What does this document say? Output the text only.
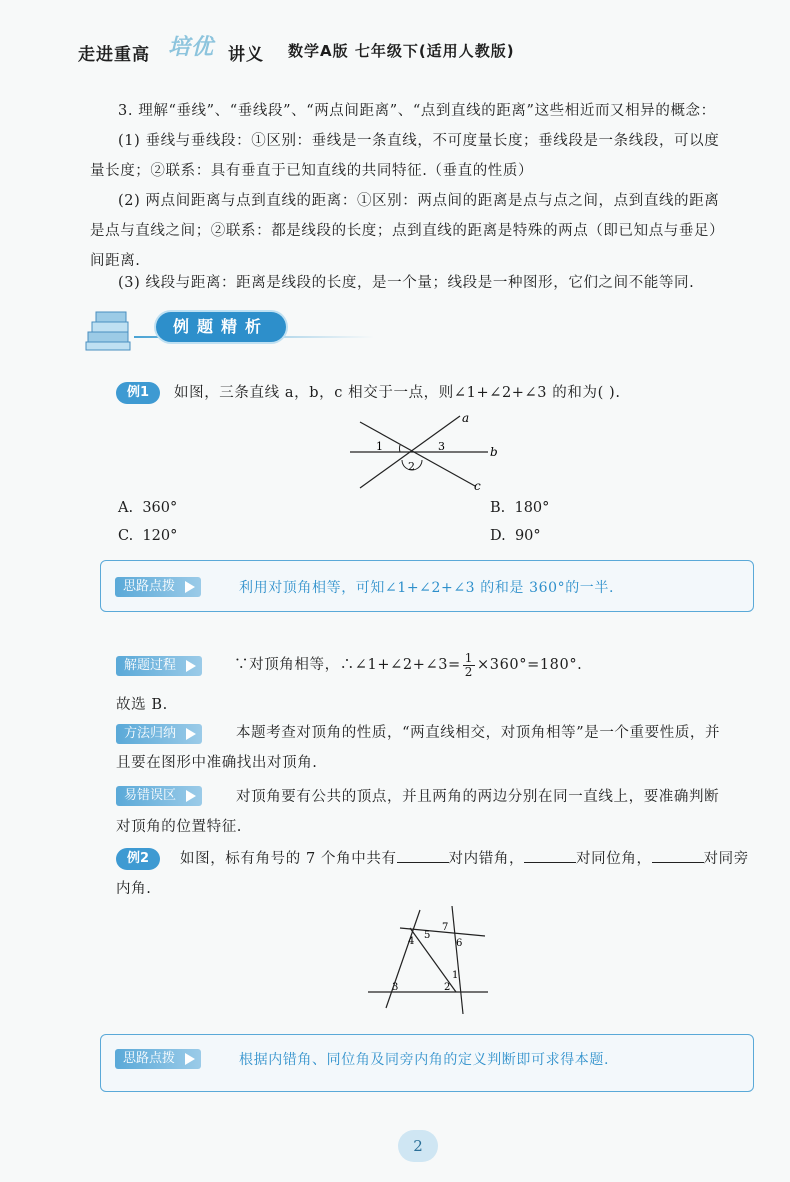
走进重高 培优 讲义 数学A版 七年级下(适用人教版)
3. 理解“垂线”、“垂线段”、“两点间距离”、“点到直线的距离”这些相近而又相异的概念：
(1) 垂线与垂线段：①区别：垂线是一条直线，不可度量长度；垂线段是一条线段，可以度量长度；②联系：具有垂直于已知直线的共同特征.（垂直的性质）
(2) 两点间距离与点到直线的距离：①区别：两点间的距离是点与点之间，点到直线的距离是点与直线之间；②联系：都是线段的长度；点到直线的距离是特殊的两点（即已知点与垂足）间距离.
(3) 线段与距离：距离是线段的长度，是一个量；线段是一种图形，它们之间不能等同.
例题精析
例1	如图，三条直线 a，b，c 相交于一点，则∠1+∠2+∠3 的和为( ).
1	3
2
a
b
c
A. 360°	B. 180°
C. 120°	D. 90°
思路点拨	利用对顶角相等，可知∠1+∠2+∠3 的和是 360°的一半.
解题过程	∵对顶角相等，∴∠1+∠2+∠3= $\frac{1}{2} \times 360^\circ=180^\circ$.
故选 B.
方法归纳	本题考查对顶角的性质，“两直线相交，对顶角相等”是一个重要性质，并且要在图形中准确找出对顶角.
易错误区	对顶角要有公共的顶点，并且两角的两边分别在同一直线上，要准确判断对顶角的位置特征.
例2	如图，标有角号的 7 个角中共有	对内错角，	对同位角，	对同旁内角.
4
5
6
7
1
2
3
思路点拨	根据内错角、同位角及同旁内角的定义判断即可求得本题.
2
